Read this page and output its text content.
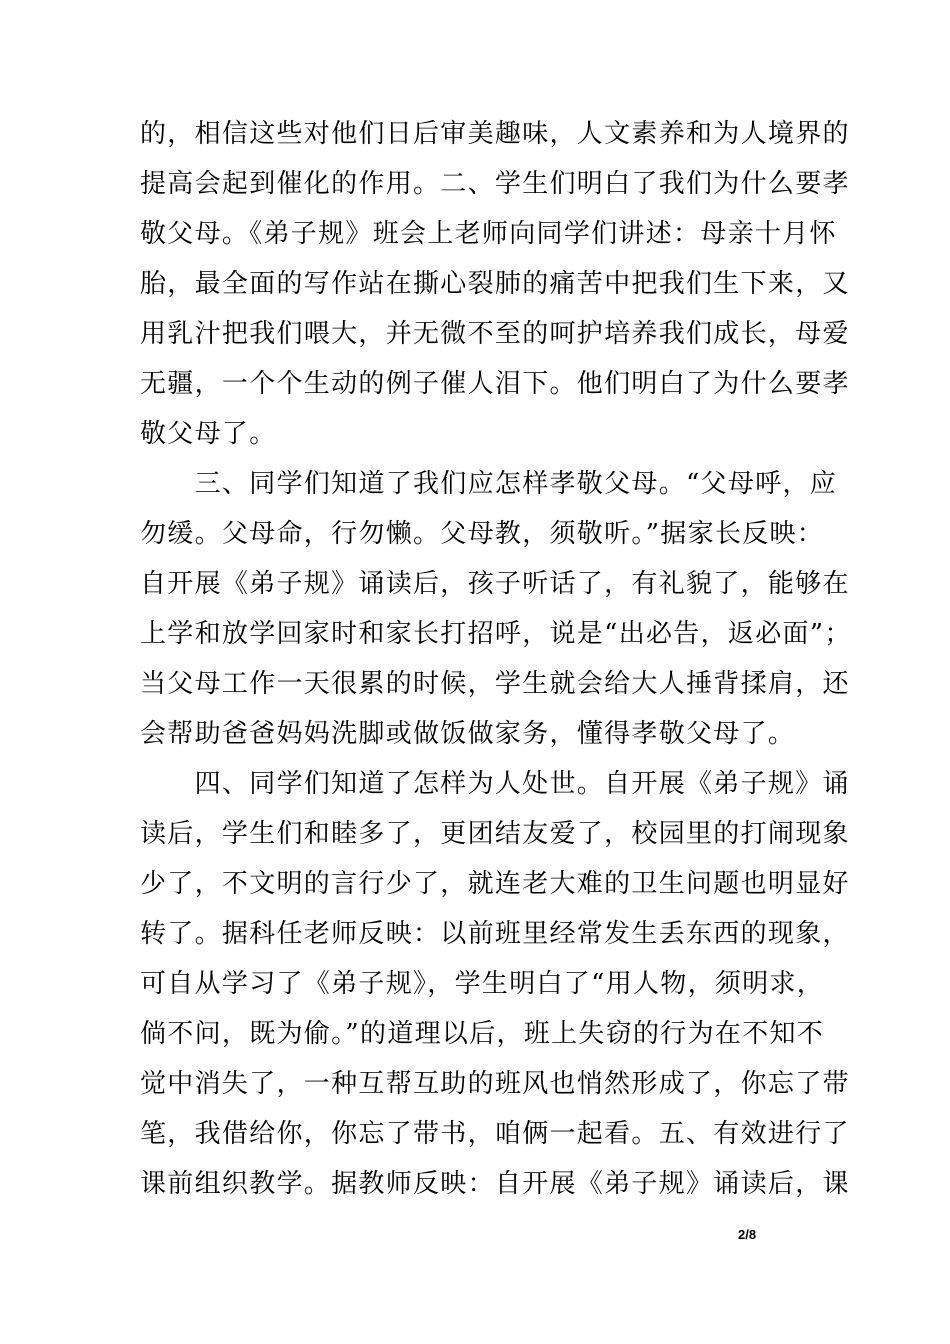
的，相信这些对他们日后审美趣味，人文素养和为人境界的
提高会起到催化的作用。二、学生们明白了我们为什么要孝
敬父母。《弟子规》班会上老师向同学们讲述：母亲十月怀
胎，最全面的写作站在撕心裂肺的痛苦中把我们生下来，又
用乳汁把我们喂大，并无微不至的呵护培养我们成长，母爱
无疆，一个个生动的例子催人泪下。他们明白了为什么要孝
敬父母了。
　　三、同学们知道了我们应怎样孝敬父母。“父母呼，应
勿缓。父母命，行勿懒。父母教，须敬听。”据家长反映：
自开展《弟子规》诵读后，孩子听话了，有礼貌了，能够在
上学和放学回家时和家长打招呼，说是“出必告，返必面”；
当父母工作一天很累的时候，学生就会给大人捶背揉肩，还
会帮助爸爸妈妈洗脚或做饭做家务，懂得孝敬父母了。
　　四、同学们知道了怎样为人处世。自开展《弟子规》诵
读后，学生们和睦多了，更团结友爱了，校园里的打闹现象
少了，不文明的言行少了，就连老大难的卫生问题也明显好
转了。据科任老师反映：以前班里经常发生丢东西的现象，
可自从学习了《弟子规》，学生明白了“用人物，须明求，
倘不问，既为偷。”的道理以后，班上失窃的行为在不知不
觉中消失了，一种互帮互助的班风也悄然形成了，你忘了带
笔，我借给你，你忘了带书，咱俩一起看。五、有效进行了
课前组织教学。据教师反映：自开展《弟子规》诵读后，课
2/8
